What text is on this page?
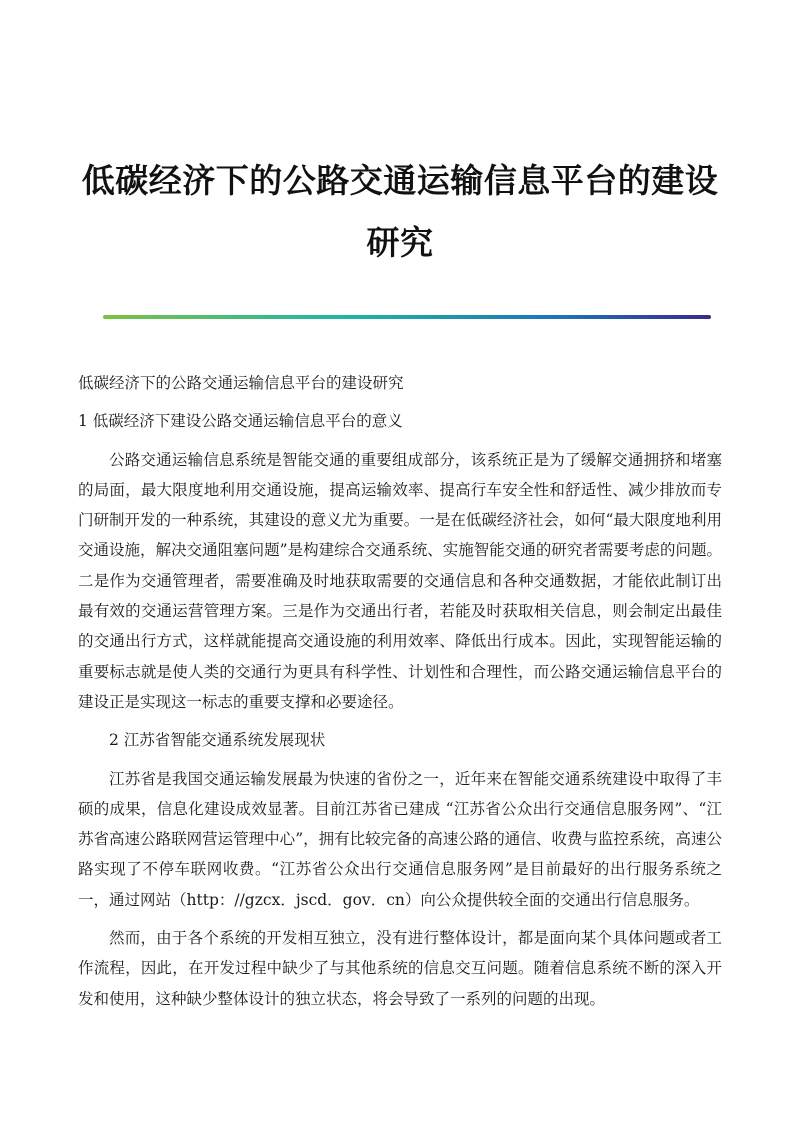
低碳经济下的公路交通运输信息平台的建设研究

低碳经济下的公路交通运输信息平台的建设研究

1 低碳经济下建设公路交通运输信息平台的意义

公路交通运输信息系统是智能交通的重要组成部分，该系统正是为了缓解交通拥挤和堵塞的局面，最大限度地利用交通设施，提高运输效率、提高行车安全性和舒适性、减少排放而专门研制开发的一种系统，其建设的意义尤为重要。一是在低碳经济社会，如何“最大限度地利用交通设施，解决交通阻塞问题”是构建综合交通系统、实施智能交通的研究者需要考虑的问题。二是作为交通管理者，需要准确及时地获取需要的交通信息和各种交通数据，才能依此制订出最有效的交通运营管理方案。三是作为交通出行者，若能及时获取相关信息，则会制定出最佳的交通出行方式，这样就能提高交通设施的利用效率、降低出行成本。因此，实现智能运输的重要标志就是使人类的交通行为更具有科学性、计划性和合理性，而公路交通运输信息平台的建设正是实现这一标志的重要支撑和必要途径。

2 江苏省智能交通系统发展现状

江苏省是我国交通运输发展最为快速的省份之一，近年来在智能交通系统建设中取得了丰硕的成果，信息化建设成效显著。目前江苏省已建成 “江苏省公众出行交通信息服务网”、“江苏省高速公路联网营运管理中心”，拥有比较完备的高速公路的通信、收费与监控系统，高速公路实现了不停车联网收费。“江苏省公众出行交通信息服务网”是目前最好的出行服务系统之一，通过网站（http：//gzcx．jscd．gov．cn）向公众提供较全面的交通出行信息服务。

然而，由于各个系统的开发相互独立，没有进行整体设计，都是面向某个具体问题或者工作流程，因此，在开发过程中缺少了与其他系统的信息交互问题。随着信息系统不断的深入开发和使用，这种缺少整体设计的独立状态，将会导致了一系列的问题的出现。
